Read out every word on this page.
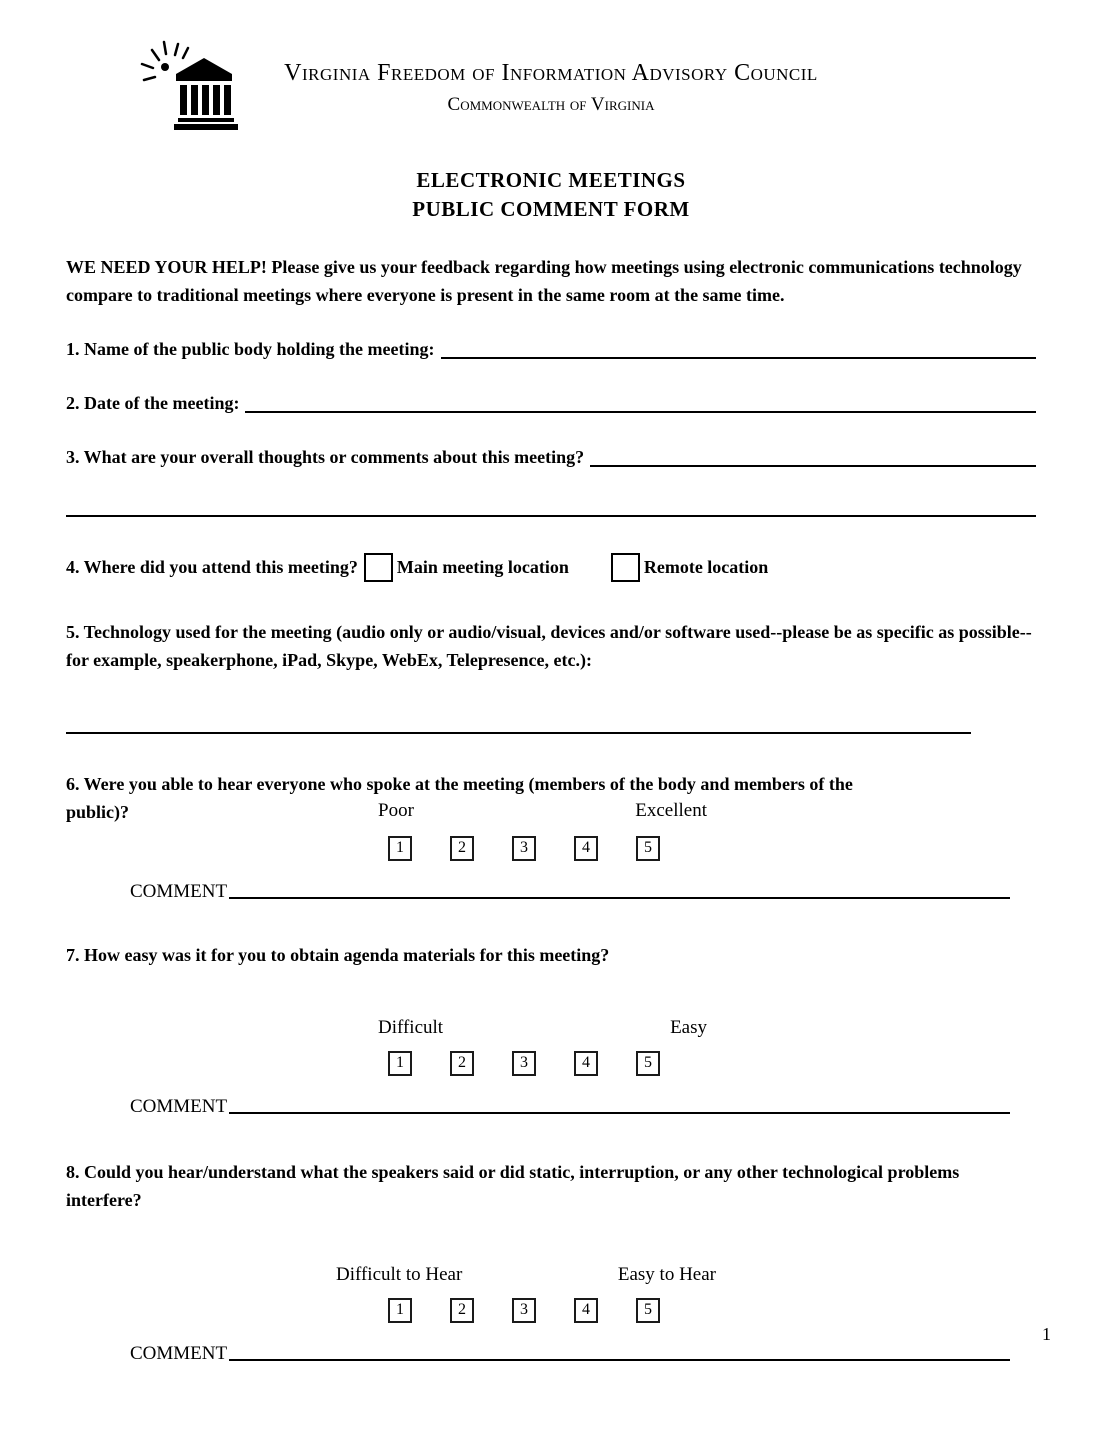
Virginia Freedom of Information Advisory Council
Commonwealth of Virginia
ELECTRONIC MEETINGS
PUBLIC COMMENT FORM

WE NEED YOUR HELP! Please give us your feedback regarding how meetings using electronic communications technology compare to traditional meetings where everyone is present in the same room at the same time.

1. Name of the public body holding the meeting:
2. Date of the meeting:
3. What are your overall thoughts or comments about this meeting?
4. Where did you attend this meeting? Main meeting location	Remote location

5. Technology used for the meeting (audio only or audio/visual, devices and/or software used--please be as specific as possible--for example, speakerphone, iPad, Skype, WebEx, Telepresence, etc.):

6. Were you able to hear everyone who spoke at the meeting (members of the body and members of the
public)?	Poor	Excellent
1	2	3	4	5
COMMENT
7. How easy was it for you to obtain agenda materials for this meeting?
Difficult	Easy
1	2	3	4	5
COMMENT
8. Could you hear/understand what the speakers said or did static, interruption, or any other technological problems interfere?
Difficult to Hear	Easy to Hear
1	2	3	4	5
COMMENT
1
